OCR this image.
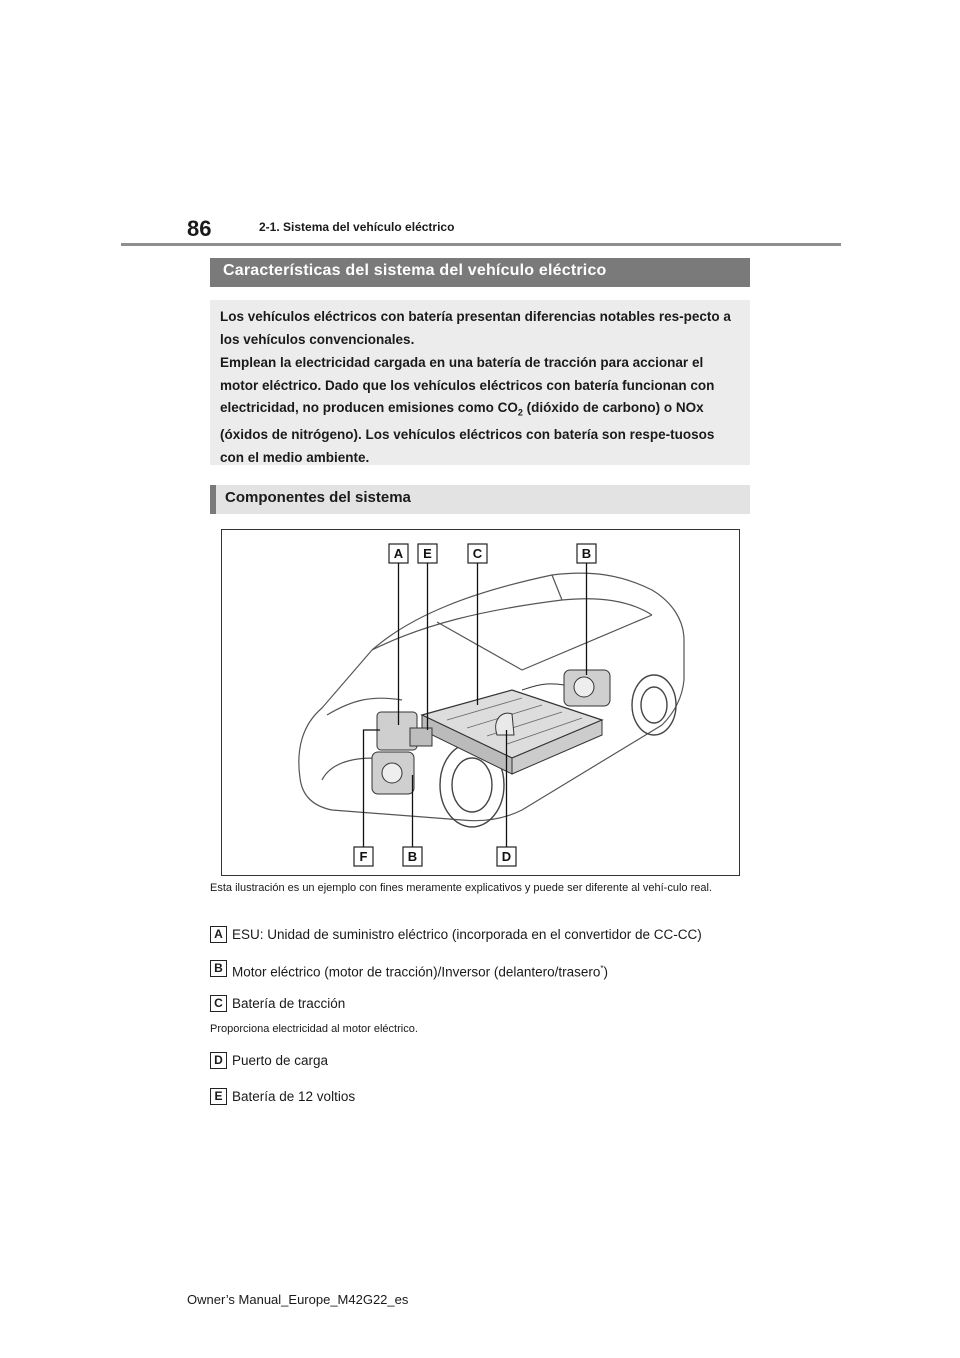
86	2-1. Sistema del vehículo eléctrico
Características del sistema del vehículo eléctrico

Los vehículos eléctricos con batería presentan diferencias notables res-pecto a los vehículos convencionales.

Emplean la electricidad cargada en una batería de tracción para accionar el motor eléctrico. Dado que los vehículos eléctricos con batería funcionan con electricidad, no producen emisiones como $CO_2$ (dióxido de carbono) o NOx (óxidos de nitrógeno). Los vehículos eléctricos con batería son respe-tuosos con el medio ambiente.

Componentes del sistema
A E	C	B
F	B	D
Esta ilustración es un ejemplo con fines meramente explicativos y puede ser diferente al vehí-culo real.
A ESU: Unidad de suministro eléctrico (incorporada en el convertidor de CC-CC)
B Motor eléctrico (motor de tracción)/Inversor (delantero/trasero*)
C Batería de tracción
Proporciona electricidad al motor eléctrico.
D Puerto de carga
E Batería de 12 voltios
Owner’s Manual_Europe_M42G22_es
